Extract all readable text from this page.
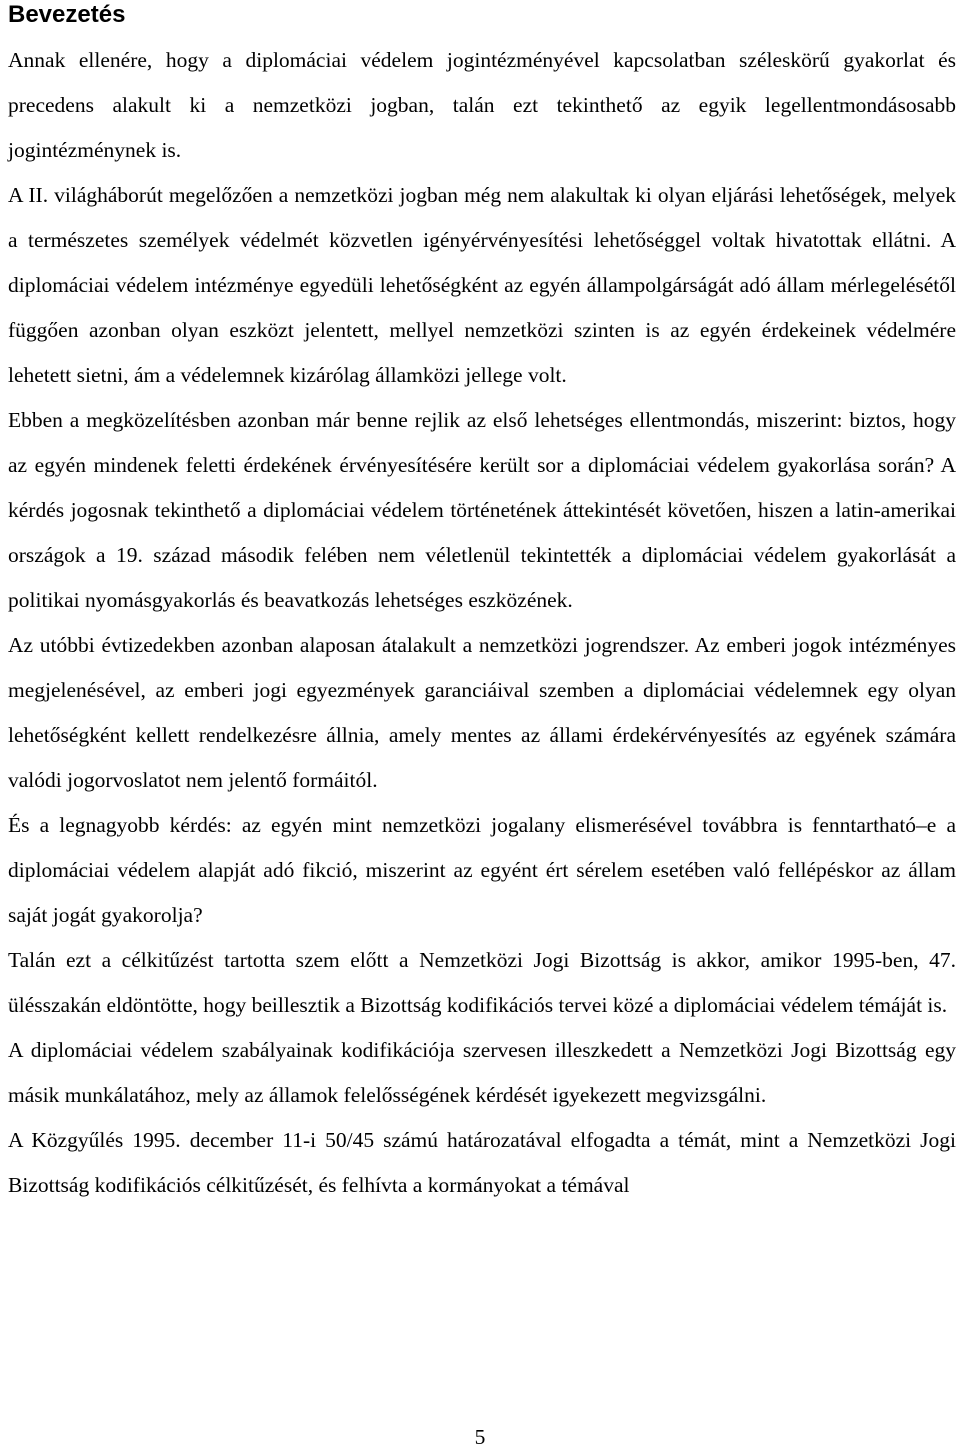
Bevezetés

Annak ellenére, hogy a diplomáciai védelem jogintézményével kapcsolatban széleskörű gyakorlat és precedens alakult ki a nemzetközi jogban, talán ezt tekinthető az egyik legellentmondásosabb jogintézménynek is.

A II. világháborút megelőzően a nemzetközi jogban még nem alakultak ki olyan eljárási lehetőségek, melyek a természetes személyek védelmét közvetlen igényérvényesítési lehetőséggel voltak hivatottak ellátni. A diplomáciai védelem intézménye egyedüli lehetőségként az egyén állampolgárságát adó állam mérlegelésétől függően azonban olyan eszközt jelentett, mellyel nemzetközi szinten is az egyén érdekeinek védelmére lehetett sietni, ám a védelemnek kizárólag államközi jellege volt.

Ebben a megközelítésben azonban már benne rejlik az első lehetséges ellentmondás, miszerint: biztos, hogy az egyén mindenek feletti érdekének érvényesítésére került sor a diplomáciai védelem gyakorlása során? A kérdés jogosnak tekinthető a diplomáciai védelem történetének áttekintését követően, hiszen a latin-amerikai országok a 19. század második felében nem véletlenül tekintették a diplomáciai védelem gyakorlását a politikai nyomásgyakorlás és beavatkozás lehetséges eszközének.

Az utóbbi évtizedekben azonban alaposan átalakult a nemzetközi jogrendszer. Az emberi jogok intézményes megjelenésével, az emberi jogi egyezmények garanciáival szemben a diplomáciai védelemnek egy olyan lehetőségként kellett rendelkezésre állnia, amely mentes az állami érdekérvényesítés az egyének számára valódi jogorvoslatot nem jelentő formáitól.

És a legnagyobb kérdés: az egyén mint nemzetközi jogalany elismerésével továbbra is fenntartható–e a diplomáciai védelem alapját adó fikció, miszerint az egyént ért sérelem esetében való fellépéskor az állam saját jogát gyakorolja?

Talán ezt a célkitűzést tartotta szem előtt a Nemzetközi Jogi Bizottság is akkor, amikor 1995-ben, 47. ülésszakán eldöntötte, hogy beillesztik a Bizottság kodifikációs tervei közé a diplomáciai védelem témáját is.

A diplomáciai védelem szabályainak kodifikációja szervesen illeszkedett a Nemzetközi Jogi Bizottság egy másik munkálatához, mely az államok felelősségének kérdését igyekezett megvizsgálni.

A Közgyűlés 1995. december 11-i 50/45 számú határozatával elfogadta a témát, mint a Nemzetközi Jogi Bizottság kodifikációs célkitűzését, és felhívta a kormányokat a témával

5
